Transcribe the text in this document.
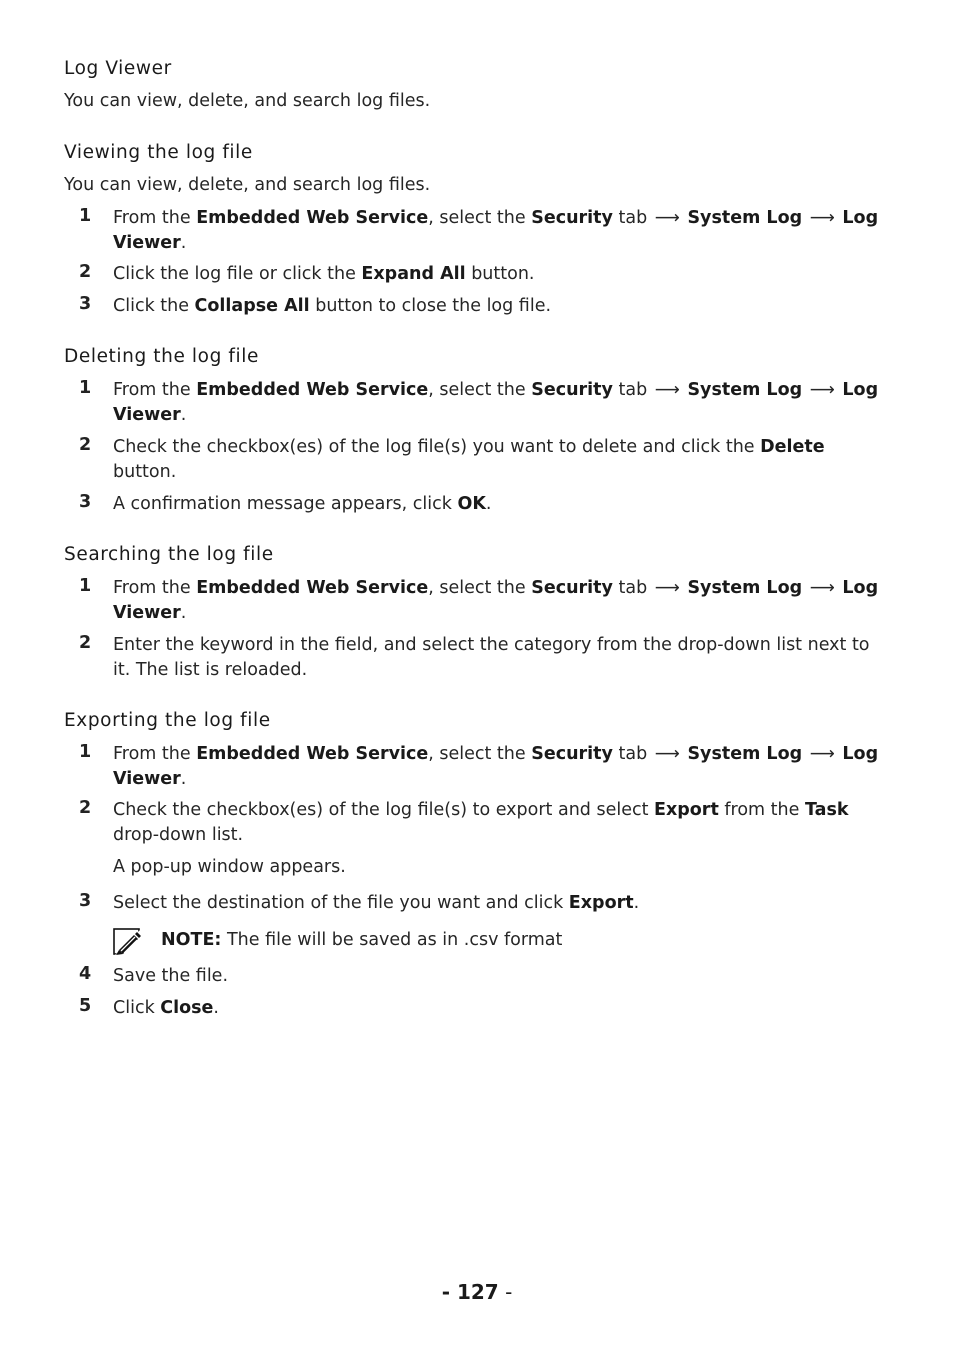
Log Viewer

You can view, delete, and search log files.

Viewing the log file

You can view, delete, and search log files.

1 From the Embedded Web Service, select the Security tab ⟶ System Log ⟶ Log
Viewer.
2 Click the log file or click the Expand All button.
3 Click the Collapse All button to close the log file.
Deleting the log file
1 From the Embedded Web Service, select the Security tab ⟶ System Log ⟶ Log
Viewer.
2 Check the checkbox(es) of the log file(s) you want to delete and click the Delete
button.
3 A confirmation message appears, click OK.
Searching the log file
1 From the Embedded Web Service, select the Security tab ⟶ System Log ⟶ Log
Viewer.
2 Enter the keyword in the field, and select the category from the drop-down list next to
it. The list is reloaded.
Exporting the log file
1 From the Embedded Web Service, select the Security tab ⟶ System Log ⟶ Log
Viewer.
2 Check the checkbox(es) of the log file(s) to export and select Export from the Task
drop-down list.
A pop-up window appears.
3 Select the destination of the file you want and click Export.
NOTE: The file will be saved as in .csv format
4 Save the file.
5 Click Close.
- 127 -
